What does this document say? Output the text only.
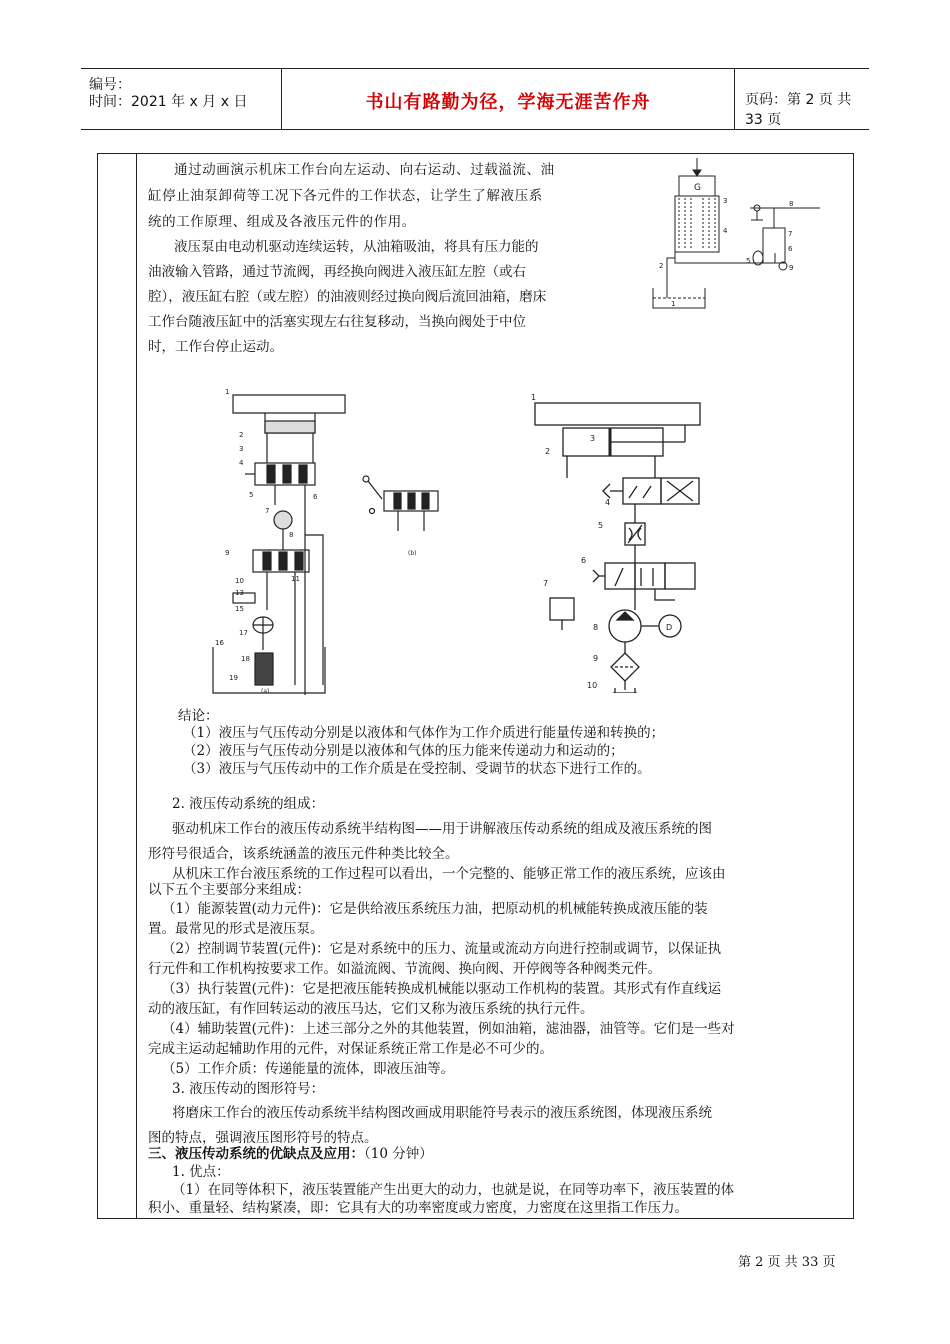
编号：
时间：2021 年 x 月 x 日	书山有路勤为径，学海无涯苦作舟	页码：第 2 页 共 33 页
通过动画演示机床工作台向左运动、向右运动、过载溢流、油
缸停止油泵卸荷等工况下各元件的工作状态，让学生了解液压系
统的工作原理、组成及各液压元件的作用。
液压泵由电动机驱动连续运转，从油箱吸油，将具有压力能的
油液输入管路，通过节流阀，再经换向阀进入液压缸左腔（或右
腔），液压缸右腔（或左腔）的油液则经过换向阀后流回油箱，磨床
工作台随液压缸中的活塞实现左右往复移动，当换向阀处于中位
时，工作台停止运动。
G
3
4
2
8
7
6
5
9
1
1
2
3
4
5	6
7
8
9
10	11
13
15
17
18
16
19
(a)
(b)
1
2
3
4
5
6
7
8
9
10
D
结论：
（1）液压与气压传动分别是以液体和气体作为工作介质进行能量传递和转换的；
（2）液压与气压传动分别是以液体和气体的压力能来传递动力和运动的；
（3）液压与气压传动中的工作介质是在受控制、受调节的状态下进行工作的。
2. 液压传动系统的组成：
驱动机床工作台的液压传动系统半结构图——用于讲解液压传动系统的组成及液压系统的图
形符号很适合，该系统涵盖的液压元件种类比较全。
从机床工作台液压系统的工作过程可以看出，一个完整的、能够正常工作的液压系统，应该由
以下五个主要部分来组成：
（1）能源装置(动力元件)：它是供给液压系统压力油，把原动机的机械能转换成液压能的装
置。最常见的形式是液压泵。
（2）控制调节装置(元件)：它是对系统中的压力、流量或流动方向进行控制或调节，以保证执
行元件和工作机构按要求工作。如溢流阀、节流阀、换向阀、开停阀等各种阀类元件。
（3）执行装置(元件)：它是把液压能转换成机械能以驱动工作机构的装置。其形式有作直线运
动的液压缸，有作回转运动的液压马达，它们又称为液压系统的执行元件。
（4）辅助装置(元件)：上述三部分之外的其他装置，例如油箱，滤油器，油管等。它们是一些对
完成主运动起辅助作用的元件，对保证系统正常工作是必不可少的。
（5）工作介质：传递能量的流体，即液压油等。
3. 液压传动的图形符号：
将磨床工作台的液压传动系统半结构图改画成用职能符号表示的液压系统图，体现液压系统
图的特点，强调液压图形符号的特点。
三、液压传动系统的优缺点及应用：（10 分钟）
1. 优点：
（1）在同等体积下，液压装置能产生出更大的动力，也就是说，在同等功率下，液压装置的体
积小、重量轻、结构紧凑，即：它具有大的功率密度或力密度，力密度在这里指工作压力。
第 2 页 共 33 页
